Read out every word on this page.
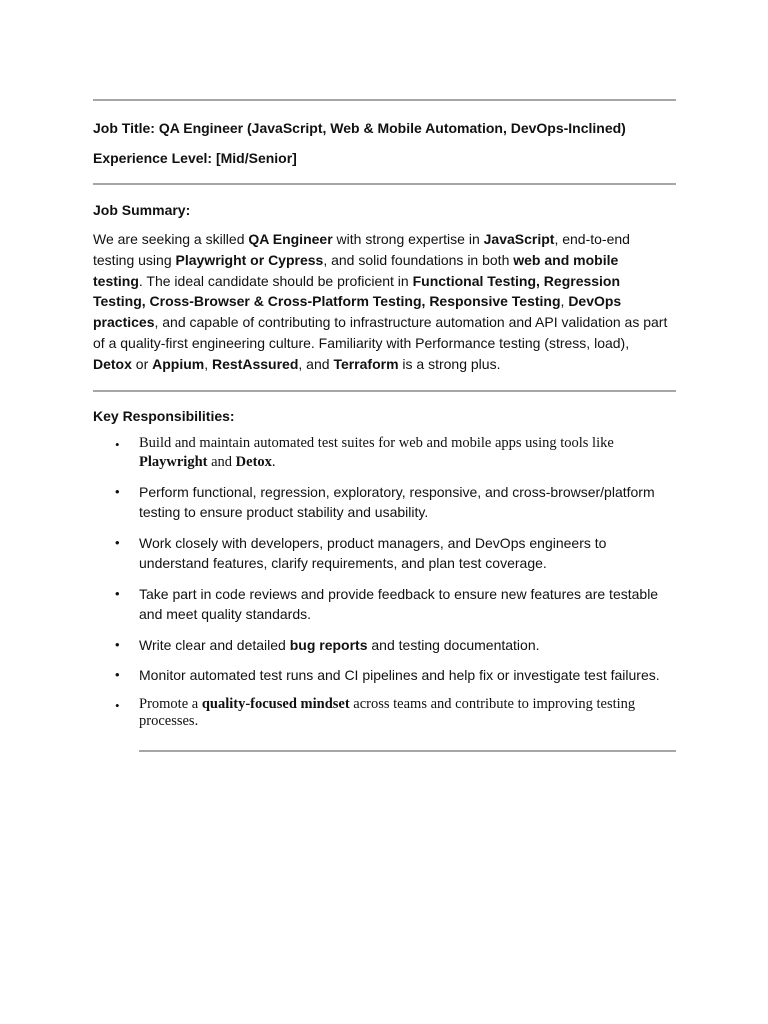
Job Title: QA Engineer (JavaScript, Web & Mobile Automation, DevOps-Inclined)
Experience Level: [Mid/Senior]
Job Summary:

We are seeking a skilled QA Engineer with strong expertise in JavaScript, end-to-end testing using Playwright or Cypress, and solid foundations in both web and mobile testing. The ideal candidate should be proficient in Functional Testing, Regression Testing, Cross-Browser & Cross-Platform Testing, Responsive Testing, DevOps practices, and capable of contributing to infrastructure automation and API validation as part of a quality-first engineering culture. Familiarity with Performance testing (stress, load), Detox or Appium, RestAssured, and Terraform is a strong plus.

Key Responsibilities:
• Build and maintain automated test suites for web and mobile apps using tools like Playwright and Detox.
• Perform functional, regression, exploratory, responsive, and cross-browser/platform testing to ensure product stability and usability.
• Work closely with developers, product managers, and DevOps engineers to understand features, clarify requirements, and plan test coverage.
• Take part in code reviews and provide feedback to ensure new features are testable and meet quality standards.
• Write clear and detailed bug reports and testing documentation.
• Monitor automated test runs and CI pipelines and help fix or investigate test failures.
• Promote a quality-focused mindset across teams and contribute to improving testing processes.
